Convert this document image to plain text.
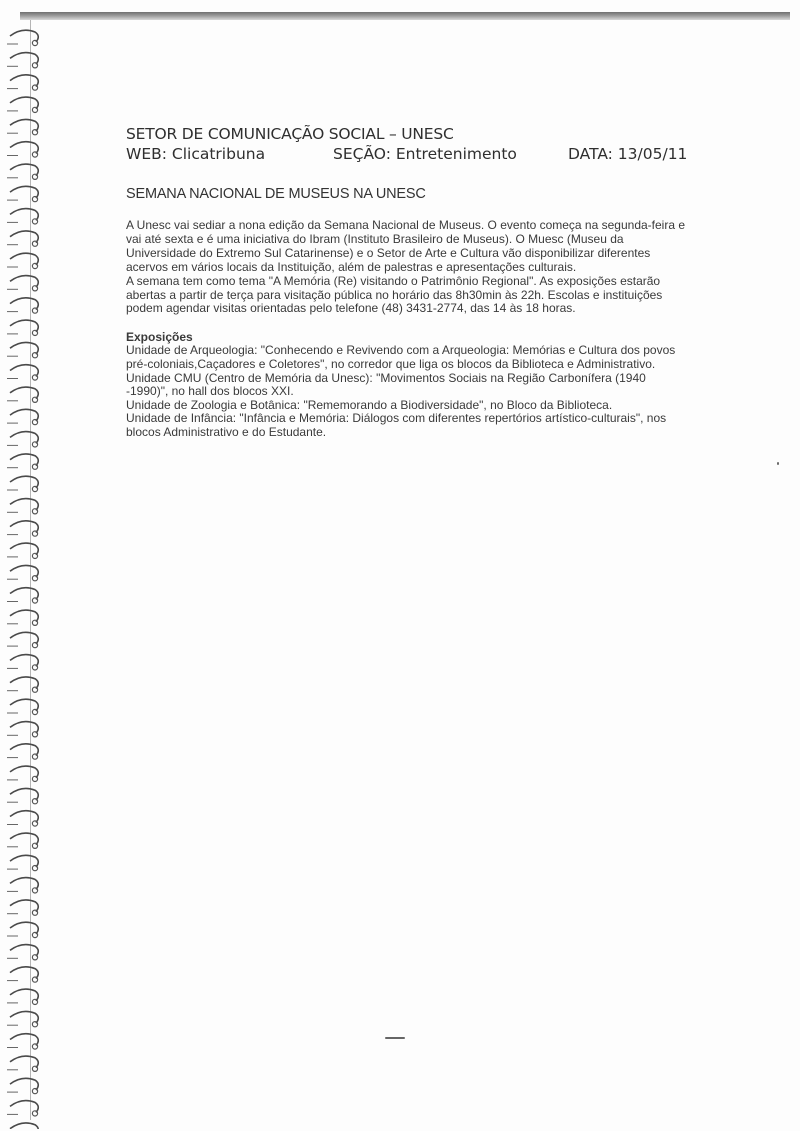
SETOR DE COMUNICAÇÃO SOCIAL – UNESC
WEB: Clicatribuna	SEÇÃO: Entretenimento	DATA: 13/05/11
SEMANA NACIONAL DE MUSEUS NA UNESC

A Unesc vai sediar a nona edição da Semana Nacional de Museus. O evento começa na segunda-feira e vai até sexta e é uma iniciativa do Ibram (Instituto Brasileiro de Museus). O Muesc (Museu da Universidade do Extremo Sul Catarinense) e o Setor de Arte e Cultura vão disponibilizar diferentes acervos em vários locais da Instituição, além de palestras e apresentações culturais.

A semana tem como tema "A Memória (Re) visitando o Patrimônio Regional". As exposições estarão abertas a partir de terça para visitação pública no horário das 8h30min às 22h. Escolas e instituições podem agendar visitas orientadas pelo telefone (48) 3431-2774, das 14 às 18 horas.

Exposições
Unidade de Arqueologia: "Conhecendo e Revivendo com a Arqueologia: Memórias e Cultura dos povos pré-coloniais,Caçadores e Coletores", no corredor que liga os blocos da Biblioteca e Administrativo.
Unidade CMU (Centro de Memória da Unesc): "Movimentos Sociais na Região Carbonífera (1940 -1990)", no hall dos blocos XXI.
Unidade de Zoologia e Botânica: "Rememorando a Biodiversidade", no Bloco da Biblioteca.
Unidade de Infância: "Infância e Memória: Diálogos com diferentes repertórios artístico-culturais", nos blocos Administrativo e do Estudante.
